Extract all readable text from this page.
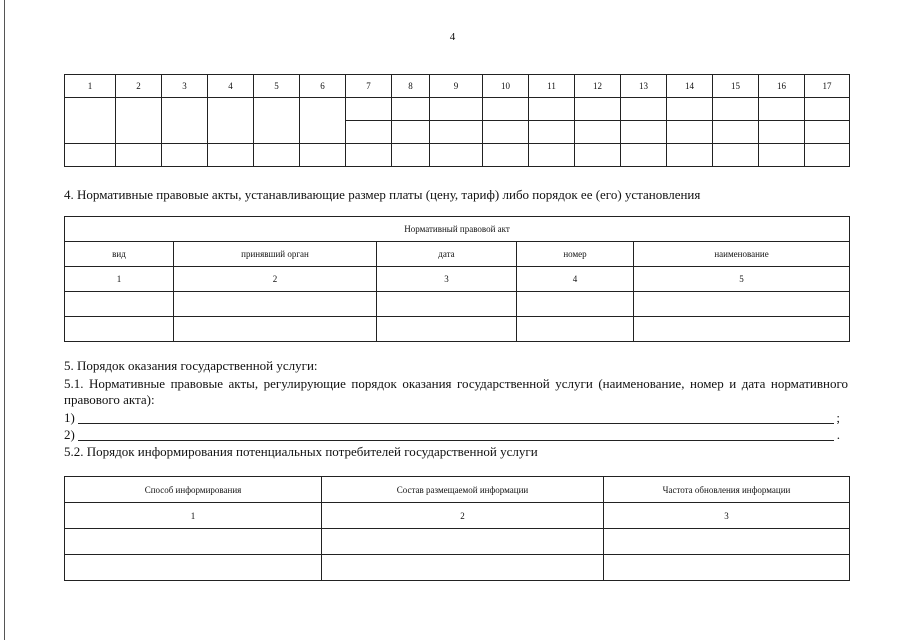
4
1	2	3	4	5	6	7	8	9	10	11	12	13	14	15	16	17

4. Нормативные правовые акты, устанавливающие размер платы (цену, тариф) либо порядок ее (его) установления
Нормативный правовой акт				
вид	принявший орган	дата	номер	наименование
1	2	3	4	5

5. Порядок оказания государственной услуги:
5.1. Нормативные правовые акты, регулирующие порядок оказания государственной услуги (наименование, номер и дата нормативного правового акта):
1)	;
2)	.
5.2. Порядок информирования потенциальных потребителей государственной услуги
Способ информирования	Состав размещаемой информации	Частота обновления информации
1	2	3
